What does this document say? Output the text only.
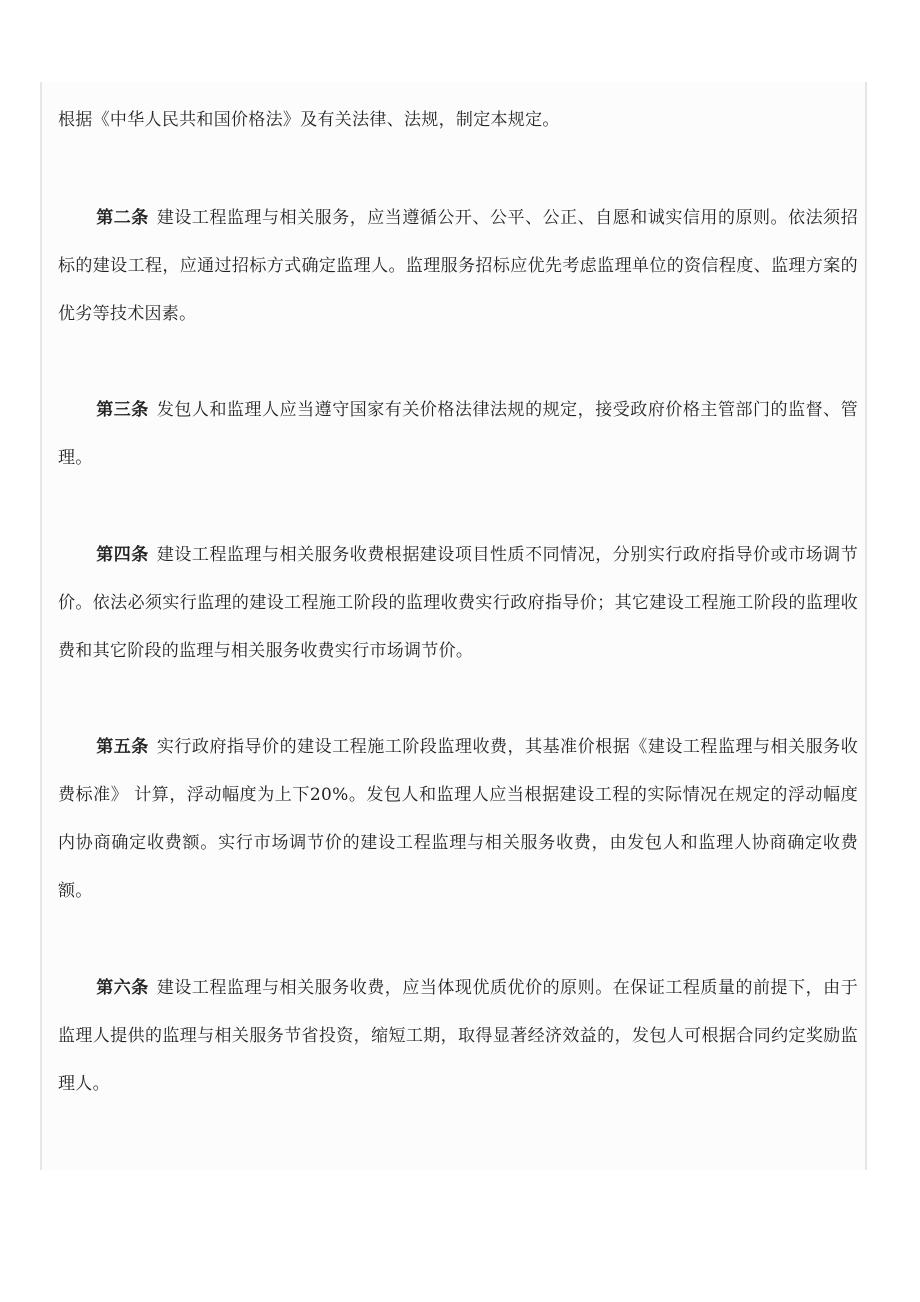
根据《中华人民共和国价格法》及有关法律、法规，制定本规定。

第二条 建设工程监理与相关服务，应当遵循公开、公平、公正、自愿和诚实信用的原则。依法须招标的建设工程，应通过招标方式确定监理人。监理服务招标应优先考虑监理单位的资信程度、监理方案的优劣等技术因素。

第三条 发包人和监理人应当遵守国家有关价格法律法规的规定，接受政府价格主管部门的监督、管理。

第四条 建设工程监理与相关服务收费根据建设项目性质不同情况，分别实行政府指导价或市场调节价。依法必须实行监理的建设工程施工阶段的监理收费实行政府指导价；其它建设工程施工阶段的监理收费和其它阶段的监理与相关服务收费实行市场调节价。

第五条 实行政府指导价的建设工程施工阶段监理收费，其基准价根据《建设工程监理与相关服务收费标准》 计算，浮动幅度为上下20%。发包人和监理人应当根据建设工程的实际情况在规定的浮动幅度内协商确定收费额。实行市场调节价的建设工程监理与相关服务收费，由发包人和监理人协商确定收费额。

第六条 建设工程监理与相关服务收费，应当体现优质优价的原则。在保证工程质量的前提下，由于监理人提供的监理与相关服务节省投资，缩短工期，取得显著经济效益的，发包人可根据合同约定奖励监理人。
